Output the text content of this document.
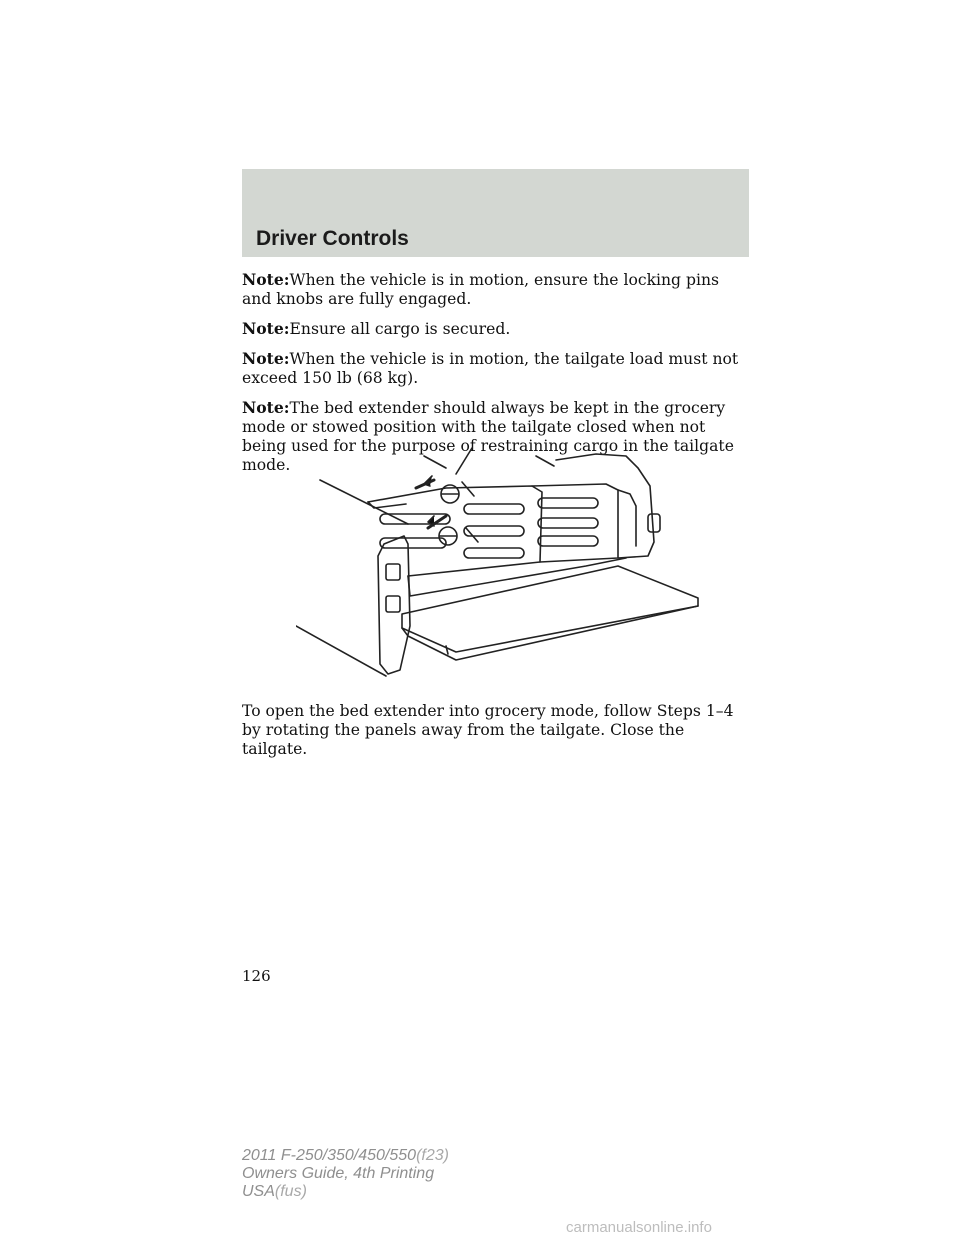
Driver Controls

Note:When the vehicle is in motion, ensure the locking pins and knobs are fully engaged.

Note:Ensure all cargo is secured.

Note:When the vehicle is in motion, the tailgate load must not exceed 150 lb (68 kg).

Note:The bed extender should always be kept in the grocery mode or stowed position with the tailgate closed when not being used for the purpose of restraining cargo in the tailgate mode.

To open the bed extender into grocery mode, follow Steps 1–4 by rotating the panels away from the tailgate. Close the tailgate.

126
2011 F-250/350/450/550(f23)
Owners Guide, 4th Printing
USA(fus)
carmanualsonline.info
